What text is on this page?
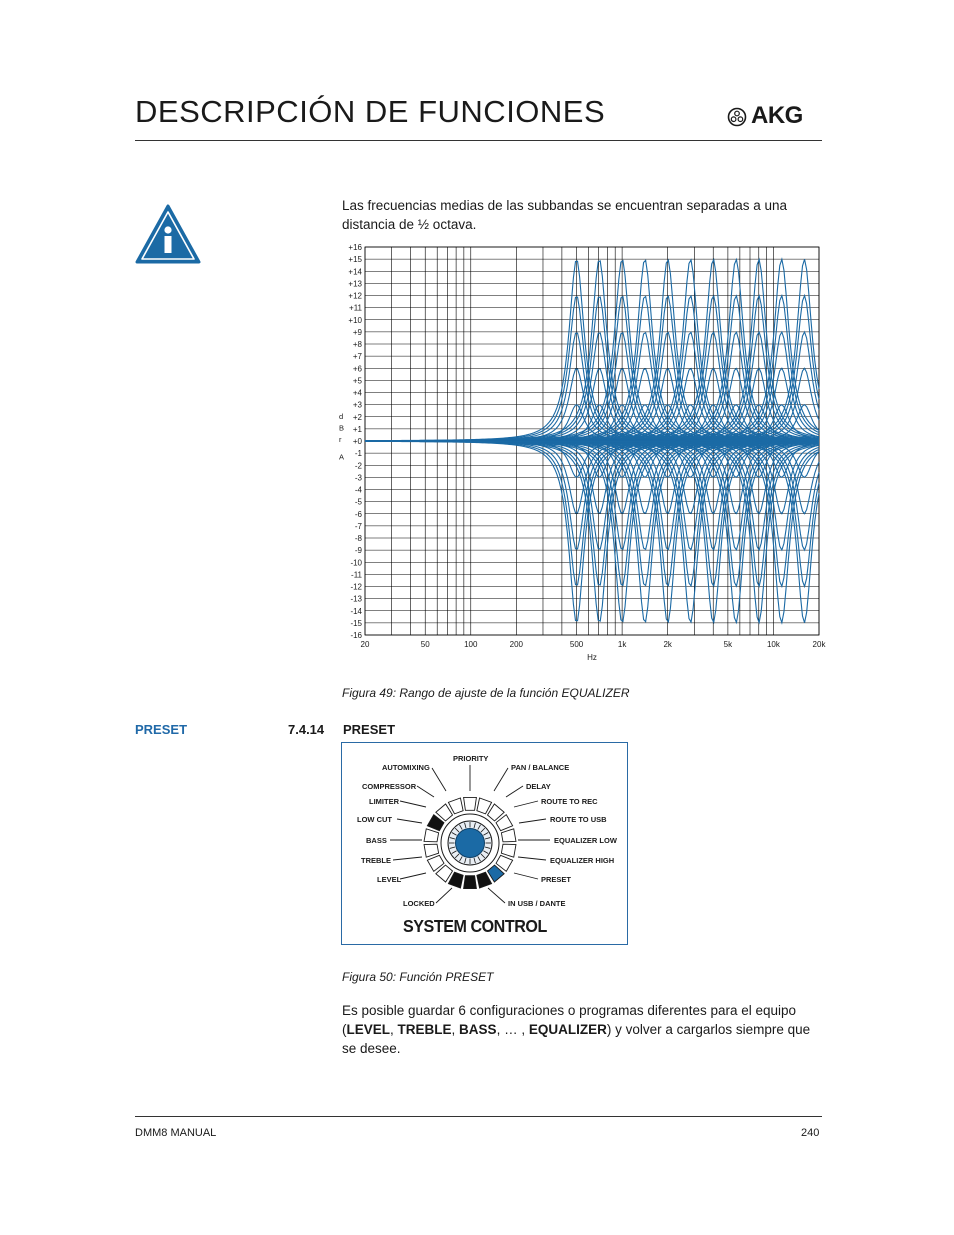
DESCRIPCIÓN DE FUNCIONES	AKG
Las frecuencias medias de las subbandas se encuentran separadas a una distancia de ½ octava.
+16
+15
+14
+13
+12
+11
+10
+9
+8
+7
+6
+5
+4
+3
+2
+1
+0
-1
-2
-3
-4
-5
-6
-7
-8
-9
-10
-11
-12
-13
-14
-15
-16
20	50	100	200	500	1k	2k	5k	10k	20k
Hz
d
B
r
A
Figura 49: Rango de ajuste de la función EQUALIZER
PRESET	7.4.14 PRESET
PRIORITY
AUTOMIXING	PAN / BALANCE
COMPRESSOR	DELAY
LIMITER	ROUTE TO REC
LOW CUT	ROUTE TO USB
BASS	EQUALIZER LOW
TREBLE	EQUALIZER HIGH
LEVEL	PRESET
LOCKED	IN USB / DANTE
SYSTEM CONTROL
Figura 50: Función PRESET
Es posible guardar 6 configuraciones o programas diferentes para el equipo (LEVEL, TREBLE, BASS, … , EQUALIZER) y volver a cargarlos siempre que se desee.
DMM8 MANUAL	240
